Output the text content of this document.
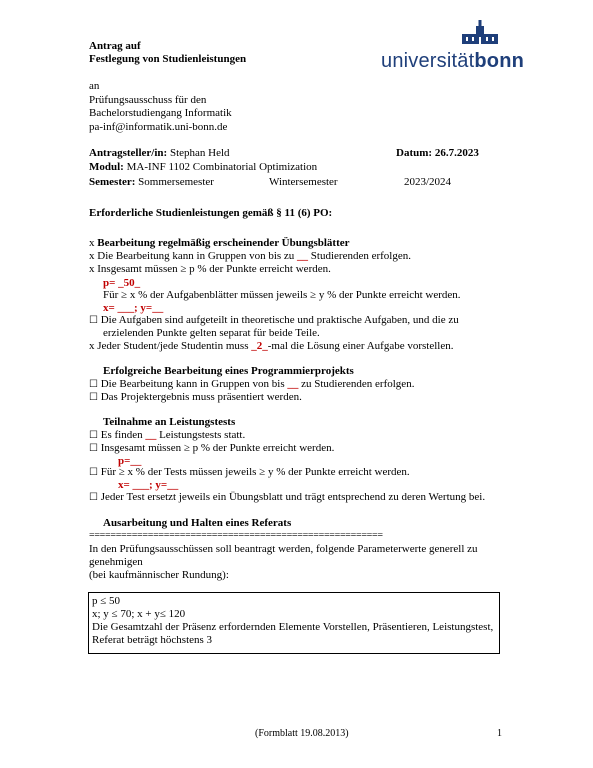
universitätbonn
Antrag auf
Festlegung von Studienleistungen
an
Prüfungsausschuss für den
Bachelorstudiengang Informatik
pa-inf@informatik.uni-bonn.de
Antragsteller/in: Stephan Held	Datum: 26.7.2023
Modul: MA-INF 1102 Combinatorial Optimization
Semester: Sommersemester	Wintersemester	2023/2024
Erforderliche Studienleistungen gemäß § 11 (6) PO:
x Bearbeitung regelmäßig erscheinender Übungsblätter
x Die Bearbeitung kann in Gruppen von bis zu __ Studierenden erfolgen.
x Insgesamt müssen ≥ p % der Punkte erreicht werden.
p= _50_
Für ≥ x % der Aufgabenblätter müssen jeweils ≥ y % der Punkte erreicht werden.
x= ___; y=__
☐ Die Aufgaben sind aufgeteilt in theoretische und praktische Aufgaben, und die zu
erzielenden Punkte gelten separat für beide Teile.
x Jeder Student/jede Studentin muss _2_-mal die Lösung einer Aufgabe vorstellen.
Erfolgreiche Bearbeitung eines Programmierprojekts
☐ Die Bearbeitung kann in Gruppen von bis __ zu Studierenden erfolgen.
☐ Das Projektergebnis muss präsentiert werden.
Teilnahme an Leistungstests
☐ Es finden __ Leistungstests statt.
☐ Insgesamt müssen ≥ p % der Punkte erreicht werden.
p=__
☐ Für ≥ x % der Tests müssen jeweils ≥ y % der Punkte erreicht werden.
x= ___; y=__
☐ Jeder Test ersetzt jeweils ein Übungsblatt und trägt entsprechend zu deren Wertung bei.
Ausarbeitung und Halten eines Referats
=======================================================
In den Prüfungsausschüssen soll beantragt werden, folgende Parameterwerte generell zu
genehmigen
(bei kaufmännischer Rundung):
p ≤ 50
x; y ≤ 70; x + y≤ 120
Die Gesamtzahl der Präsenz erfordernden Elemente Vorstellen, Präsentieren, Leistungstest,
Referat beträgt höchstens 3
(Formblatt 19.08.2013)	1
